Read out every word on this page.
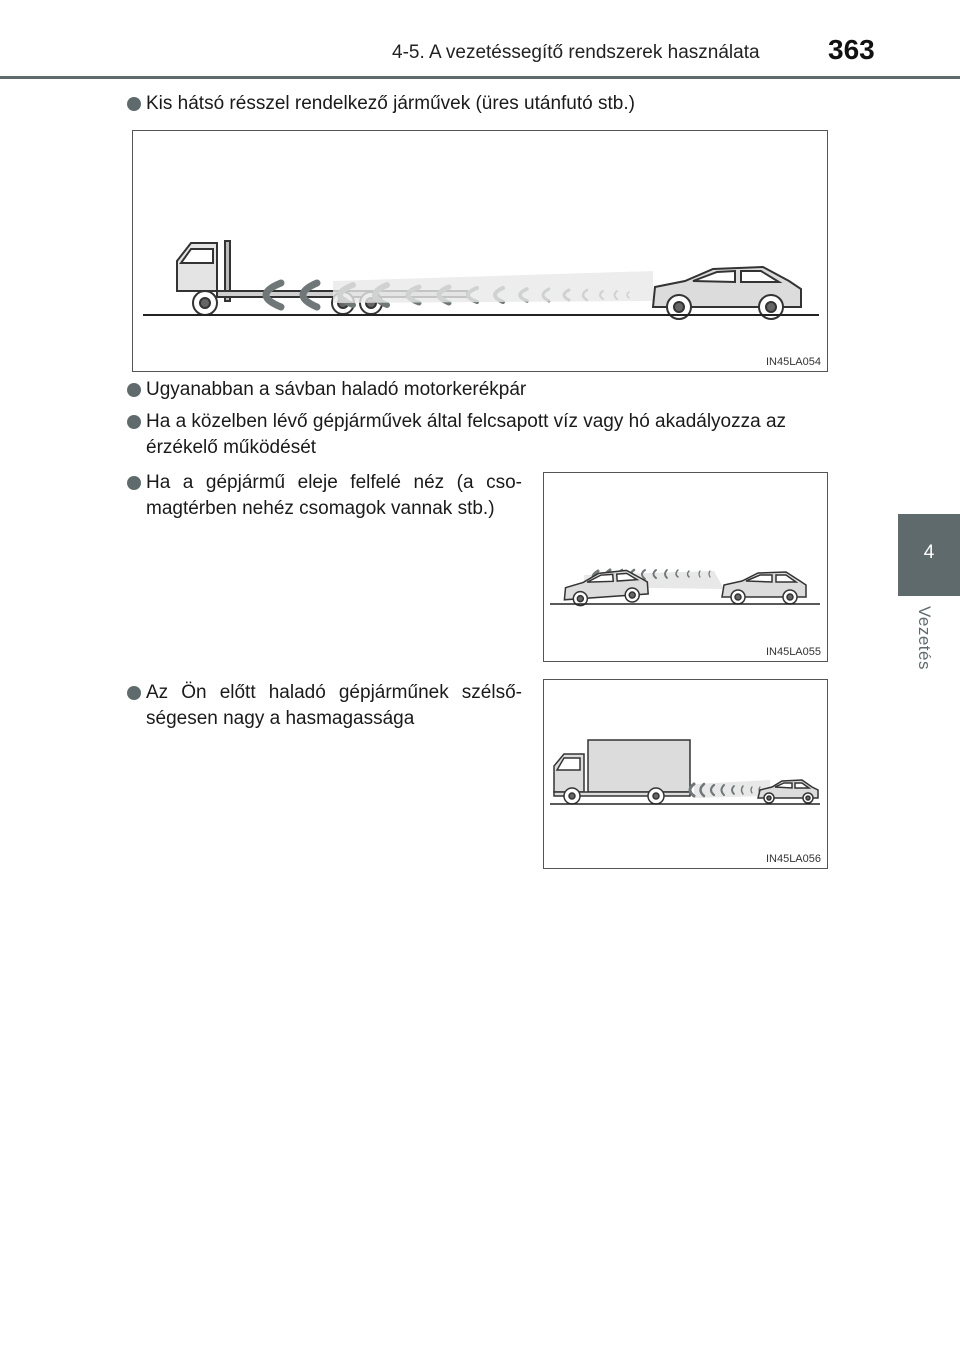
4-5. A vezetéssegítő rendszerek használata 363
4
Vezetés
Kis hátsó résszel rendelkező járművek (üres utánfutó stb.)
IN45LA054
Ugyanabban a sávban haladó motorkerékpár
Ha a közelben lévő gépjárművek által felcsapott víz vagy hó akadályozza az
érzékelő működését
Ha a gépjármű eleje felfelé néz (a cso-
magtérben nehéz csomagok vannak stb.)
IN45LA055
Az Ön előtt haladó gépjárműnek szélső-
ségesen nagy a hasmagassága
IN45LA056
